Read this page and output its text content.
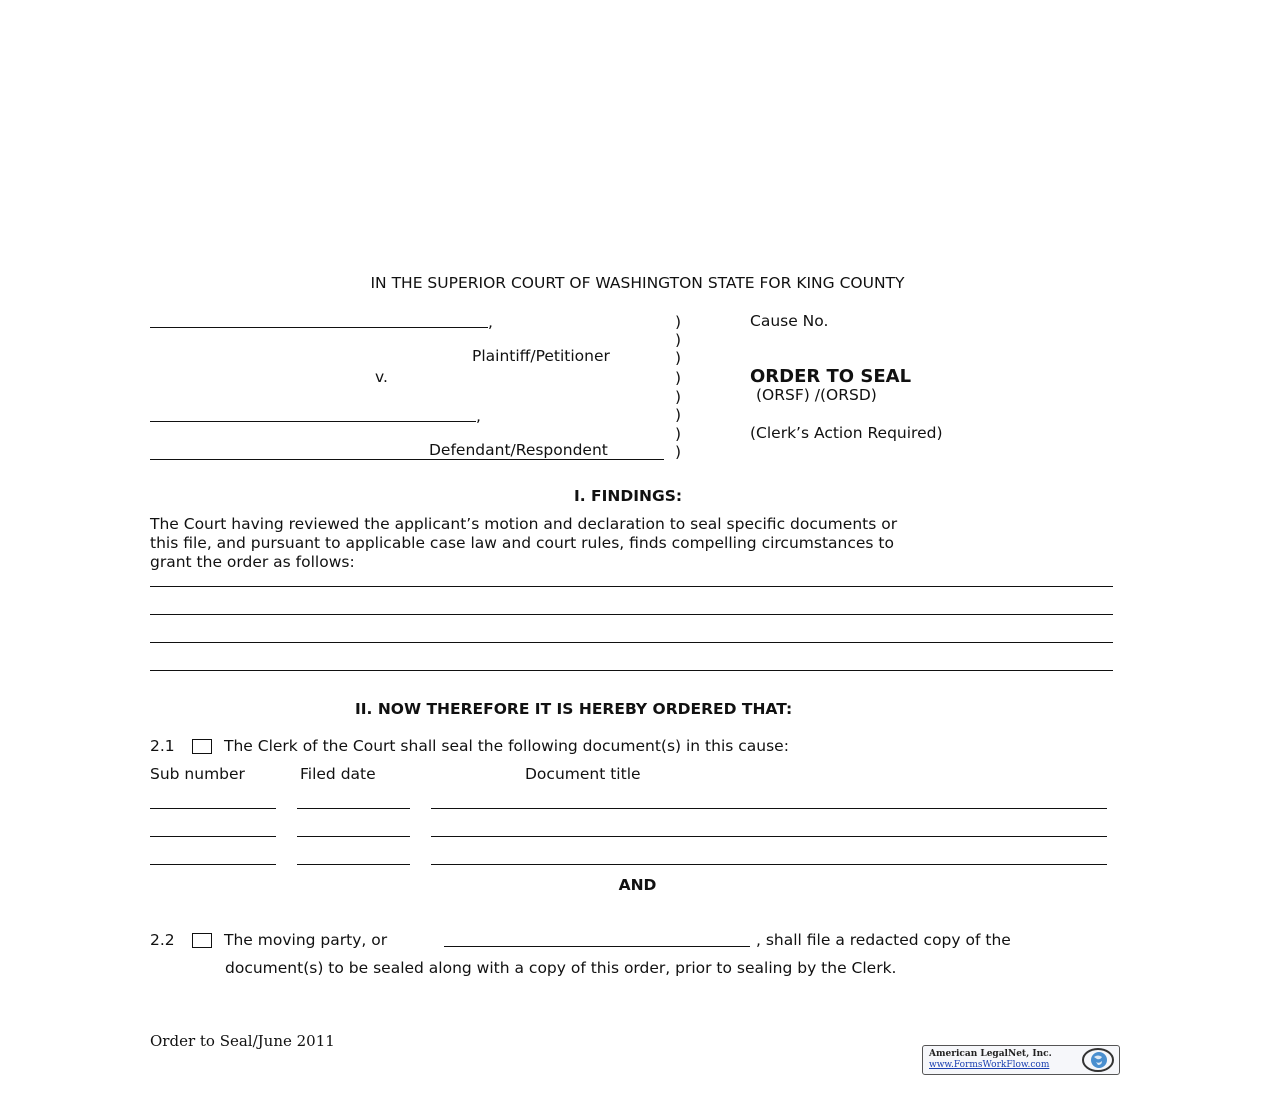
IN THE SUPERIOR COURT OF WASHINGTON STATE FOR KING COUNTY
,
Plaintiff/Petitioner
v.
,
Defendant/Respondent
)
)
)
)
)
)
)
)
Cause No.
ORDER TO SEAL
(ORSF) /(ORSD)
(Clerk’s Action Required)
I. FINDINGS:
The Court having reviewed the applicant’s motion and declaration to seal specific documents or
this file, and pursuant to applicable case law and court rules, finds compelling circumstances to
grant the order as follows:
II. NOW THEREFORE IT IS HEREBY ORDERED THAT:
2.1	The Clerk of the Court shall seal the following document(s) in this cause:
Sub number	Filed date	Document title
AND
2.2	The moving party, or	, shall file a redacted copy of the
document(s) to be sealed along with a copy of this order, prior to sealing by the Clerk.
Order to Seal/June 2011
American LegalNet, Inc.
www.FormsWorkFlow.com
